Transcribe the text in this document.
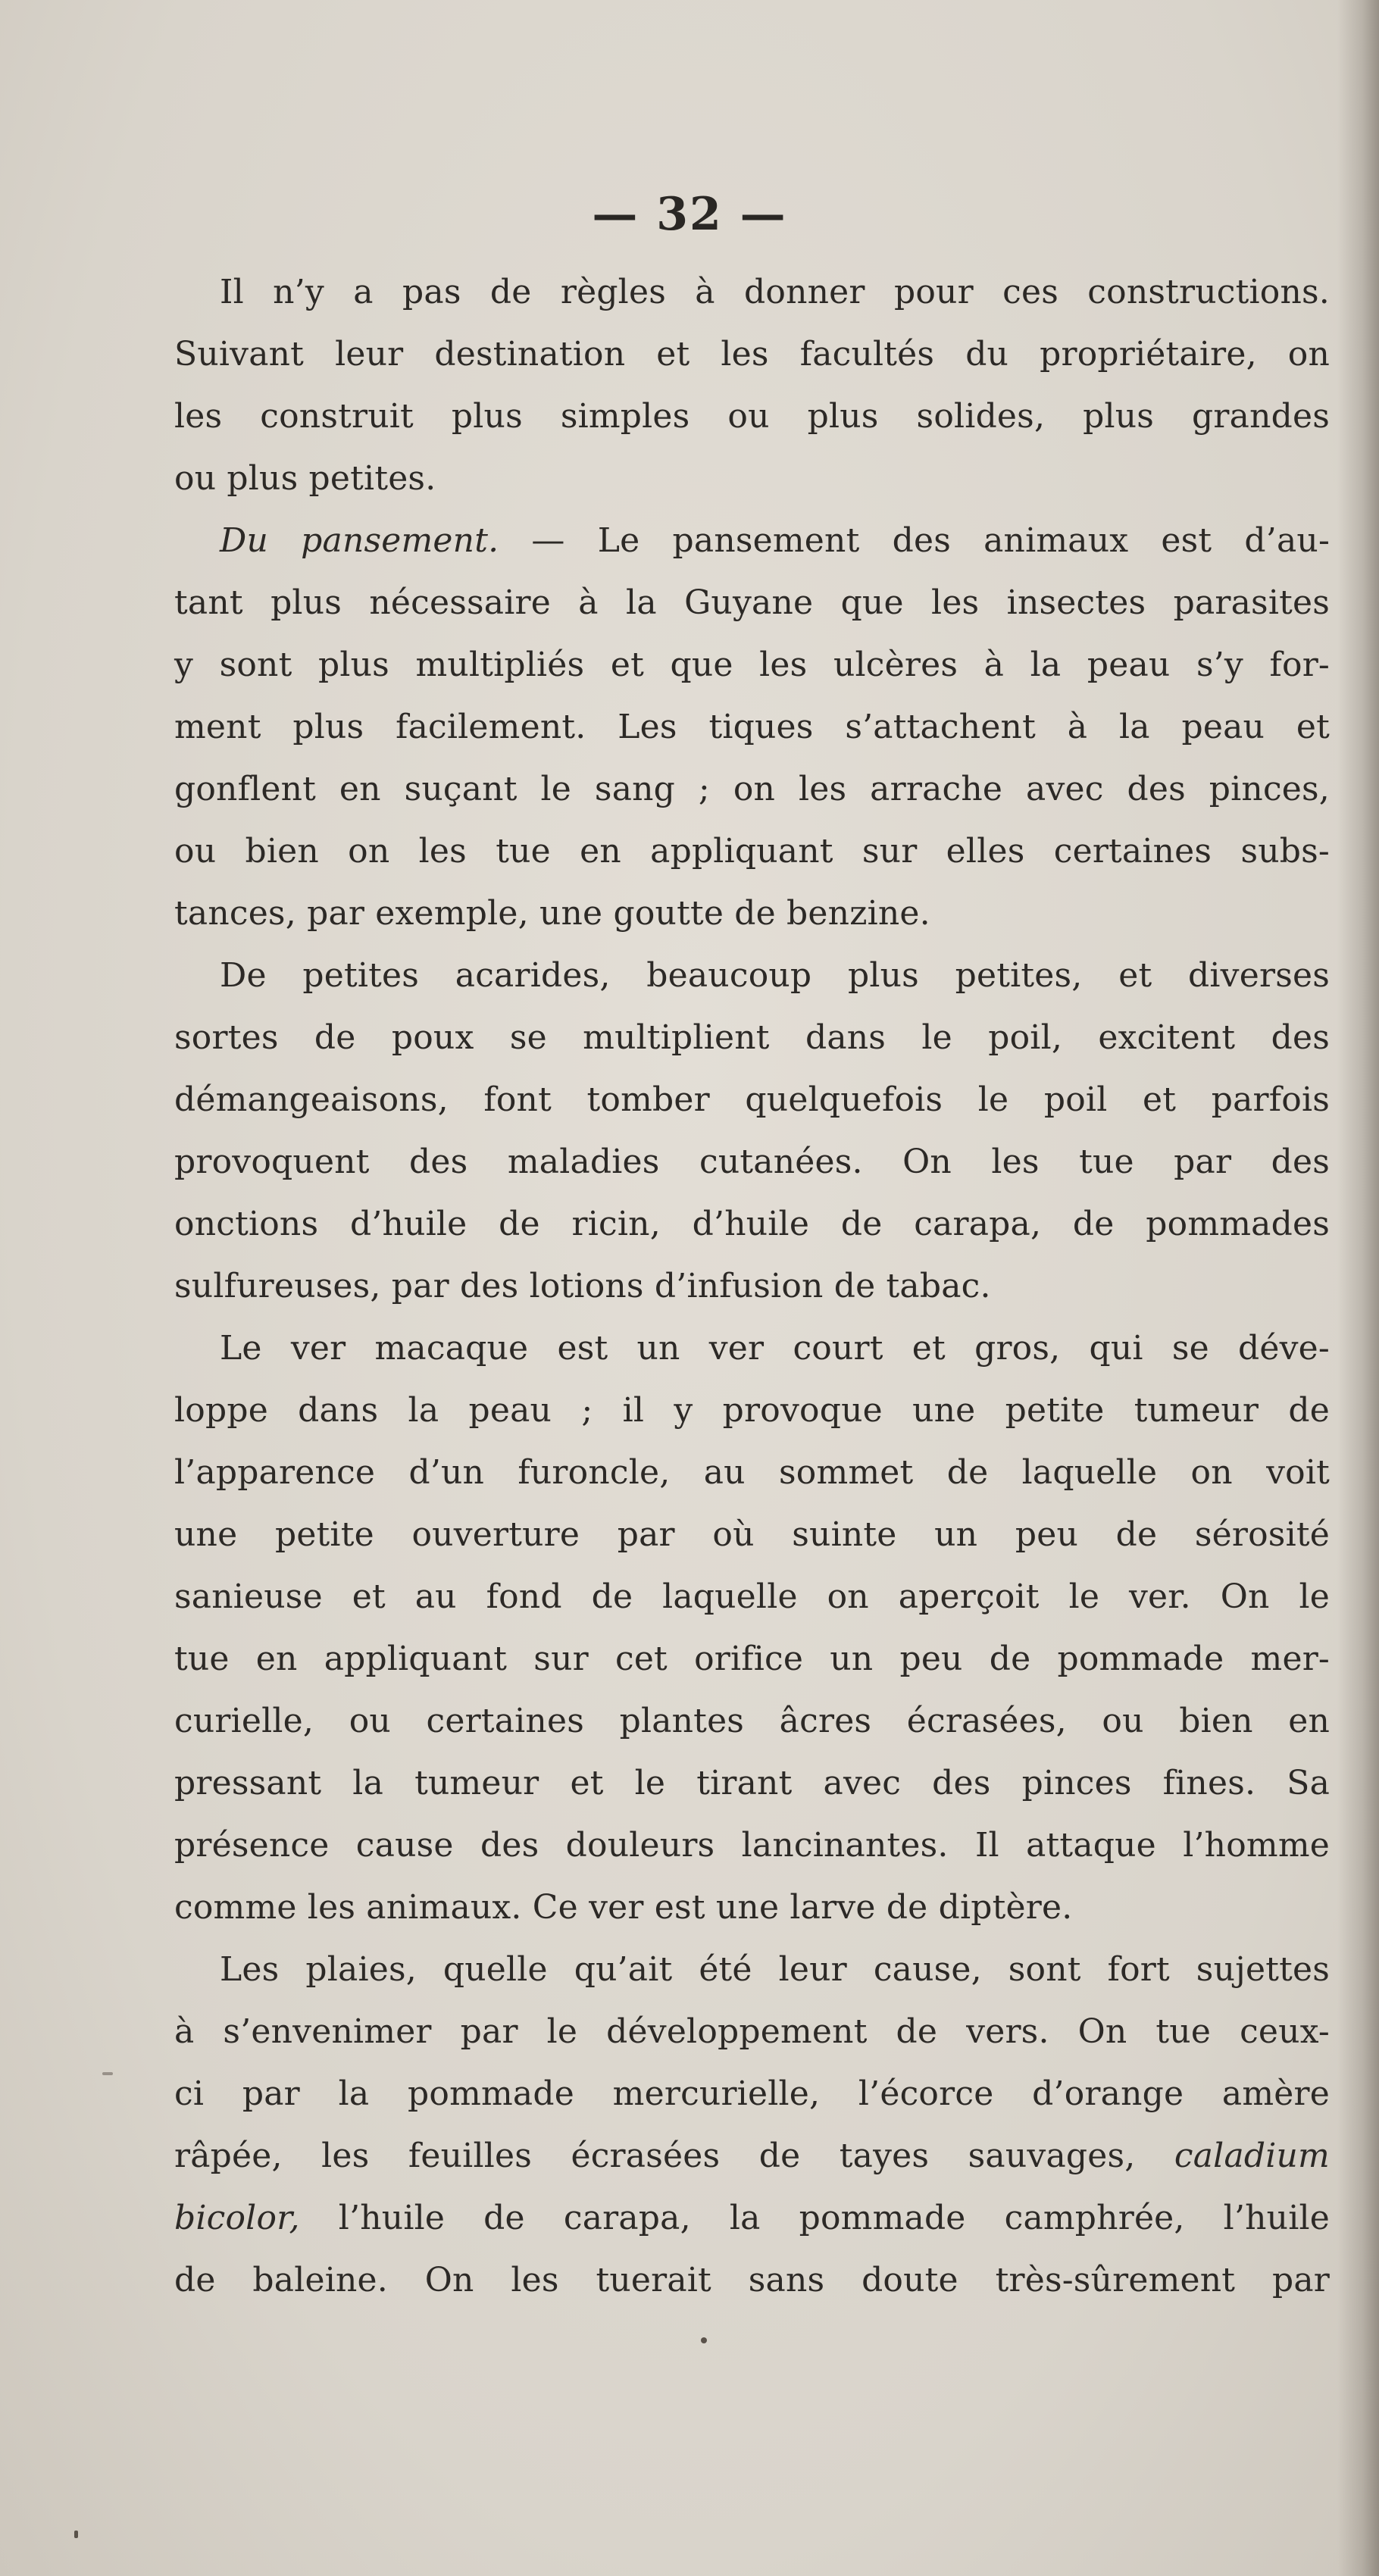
— 32 —
Il n’y a pas de règles à donner pour ces constructions.
Suivant leur destination et les facultés du propriétaire, on
les construit plus simples ou plus solides, plus grandes
ou plus petites.
Du pansement. — Le pansement des animaux est d’au-
tant plus nécessaire à la Guyane que les insectes parasites
y sont plus multipliés et que les ulcères à la peau s’y for-
ment plus facilement. Les tiques s’attachent à la peau et
gonflent en suçant le sang ; on les arrache avec des pinces,
ou bien on les tue en appliquant sur elles certaines subs-
tances, par exemple, une goutte de benzine.
De petites acarides, beaucoup plus petites, et diverses
sortes de poux se multiplient dans le poil, excitent des
démangeaisons, font tomber quelquefois le poil et parfois
provoquent des maladies cutanées. On les tue par des
onctions d’huile de ricin, d’huile de carapa, de pommades
sulfureuses, par des lotions d’infusion de tabac.
Le ver macaque est un ver court et gros, qui se déve-
loppe dans la peau ; il y provoque une petite tumeur de
l’apparence d’un furoncle, au sommet de laquelle on voit
une petite ouverture par où suinte un peu de sérosité
sanieuse et au fond de laquelle on aperçoit le ver. On le
tue en appliquant sur cet orifice un peu de pommade mer-
curielle, ou certaines plantes âcres écrasées, ou bien en
pressant la tumeur et le tirant avec des pinces fines. Sa
présence cause des douleurs lancinantes. Il attaque l’homme
comme les animaux. Ce ver est une larve de diptère.
Les plaies, quelle qu’ait été leur cause, sont fort sujettes
à s’envenimer par le développement de vers. On tue ceux-
ci par la pommade mercurielle, l’écorce d’orange amère
râpée, les feuilles écrasées de tayes sauvages, caladium
bicolor, l’huile de carapa, la pommade camphrée, l’huile
de baleine. On les tuerait sans doute très-sûrement par
